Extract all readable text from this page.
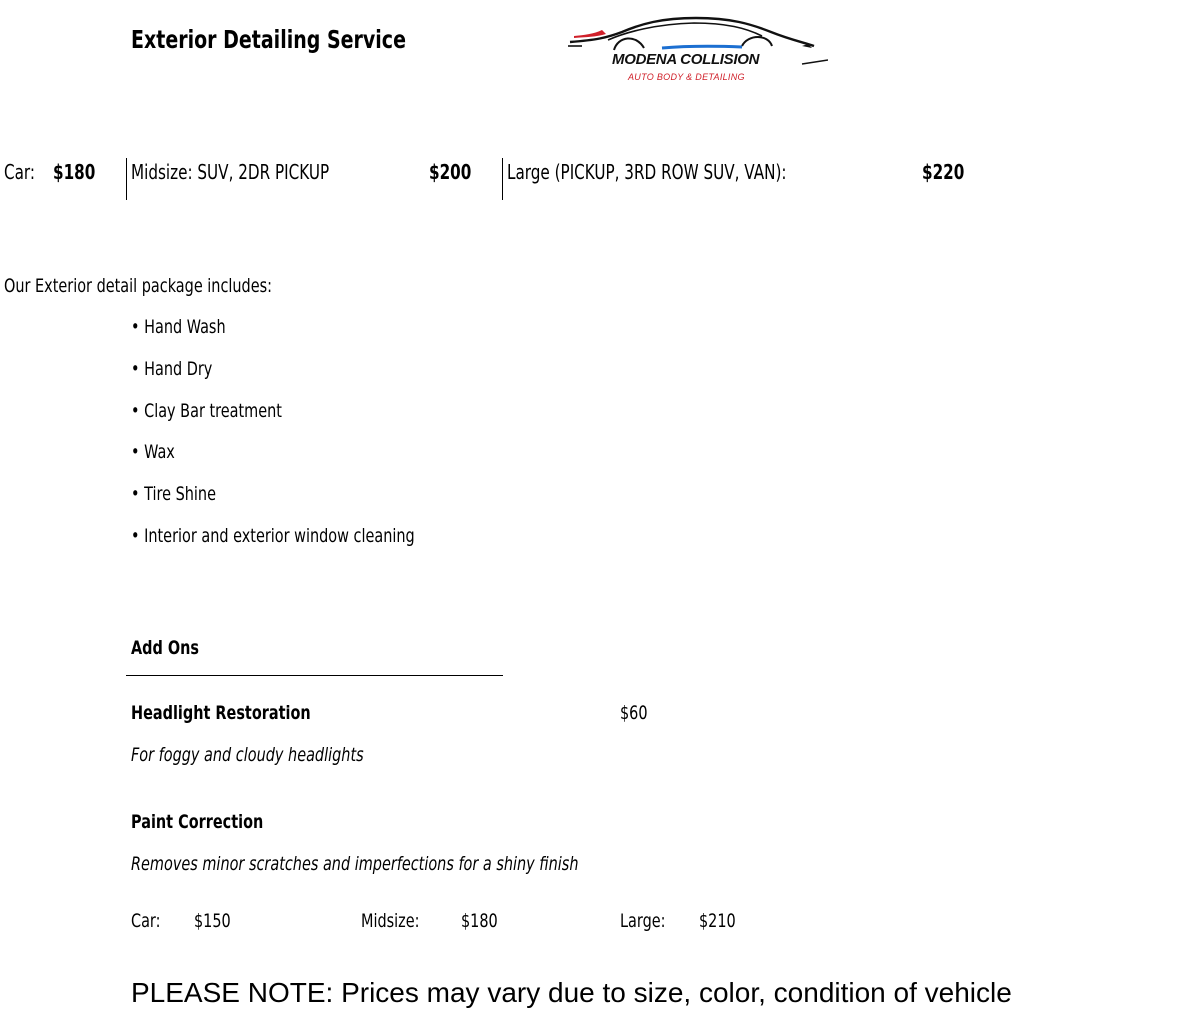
Exterior Detailing Service
MODENA COLLISION
AUTO BODY & DETAILING
Car: $180 Midsize: SUV, 2DR PICKUP	$200 Large (PICKUP, 3RD ROW SUV, VAN):	$220
Our Exterior detail package includes:
• Hand Wash
• Hand Dry
• Clay Bar treatment
• Wax
• Tire Shine
• Interior and exterior window cleaning
Add Ons
Headlight Restoration	$60
For foggy and cloudy headlights
Paint Correction
Removes minor scratches and imperfections for a shiny finish
Car: $150	Midsize: $180	Large: $210
PLEASE NOTE: Prices may vary due to size, color, condition of vehicle
